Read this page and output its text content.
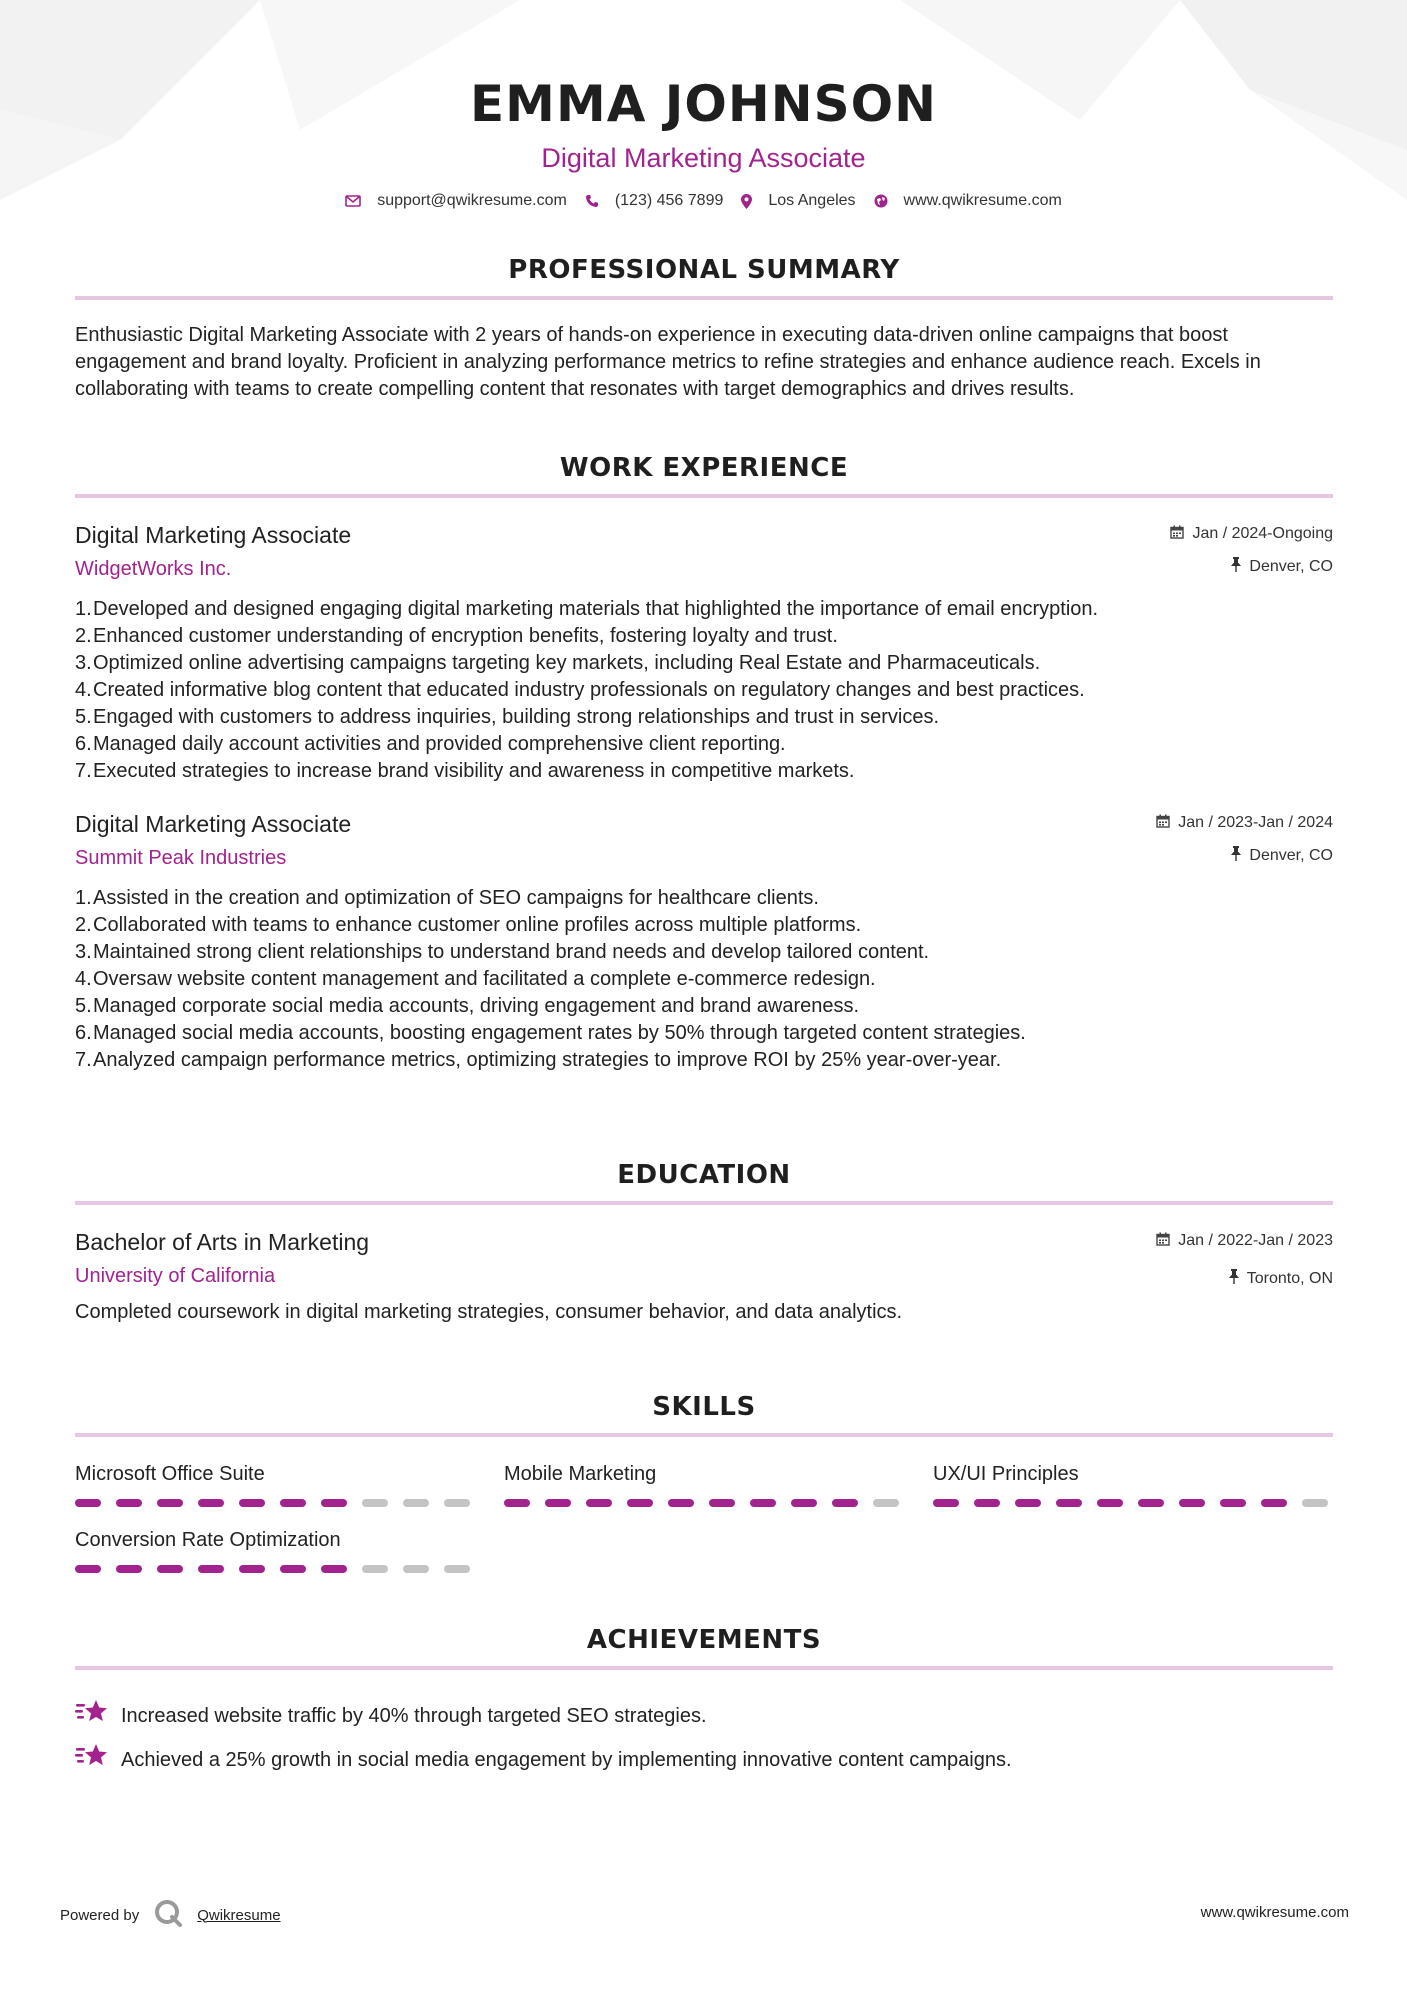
EMMA JOHNSON
Digital Marketing Associate
support@qwikresume.com	(123) 456 7899	Los Angeles	www.qwikresume.com
PROFESSIONAL SUMMARY
Enthusiastic Digital Marketing Associate with 2 years of hands-on experience in executing data-driven online campaigns that boost engagement and brand loyalty. Proficient in analyzing performance metrics to refine strategies and enhance audience reach. Excels in collaborating with teams to create compelling content that resonates with target demographics and drives results.
WORK EXPERIENCE
Digital Marketing Associate
WidgetWorks Inc.
Jan / 2024-Ongoing
Denver, CO
1. Developed and designed engaging digital marketing materials that highlighted the importance of email encryption.
2. Enhanced customer understanding of encryption benefits, fostering loyalty and trust.
3. Optimized online advertising campaigns targeting key markets, including Real Estate and Pharmaceuticals.
4. Created informative blog content that educated industry professionals on regulatory changes and best practices.
5. Engaged with customers to address inquiries, building strong relationships and trust in services.
6. Managed daily account activities and provided comprehensive client reporting.
7. Executed strategies to increase brand visibility and awareness in competitive markets.
Digital Marketing Associate
Summit Peak Industries
Jan / 2023-Jan / 2024
Denver, CO
1. Assisted in the creation and optimization of SEO campaigns for healthcare clients.
2. Collaborated with teams to enhance customer online profiles across multiple platforms.
3. Maintained strong client relationships to understand brand needs and develop tailored content.
4. Oversaw website content management and facilitated a complete e-commerce redesign.
5. Managed corporate social media accounts, driving engagement and brand awareness.
6. Managed social media accounts, boosting engagement rates by 50% through targeted content strategies.
7. Analyzed campaign performance metrics, optimizing strategies to improve ROI by 25% year-over-year.
EDUCATION
Bachelor of Arts in Marketing
University of California
Jan / 2022-Jan / 2023
Toronto, ON
Completed coursework in digital marketing strategies, consumer behavior, and data analytics.
SKILLS
Microsoft Office Suite	Mobile Marketing	UX/UI Principles
Conversion Rate Optimization
ACHIEVEMENTS
Increased website traffic by 40% through targeted SEO strategies.
Achieved a 25% growth in social media engagement by implementing innovative content campaigns.
Powered by	Qwikresume	www.qwikresume.com
